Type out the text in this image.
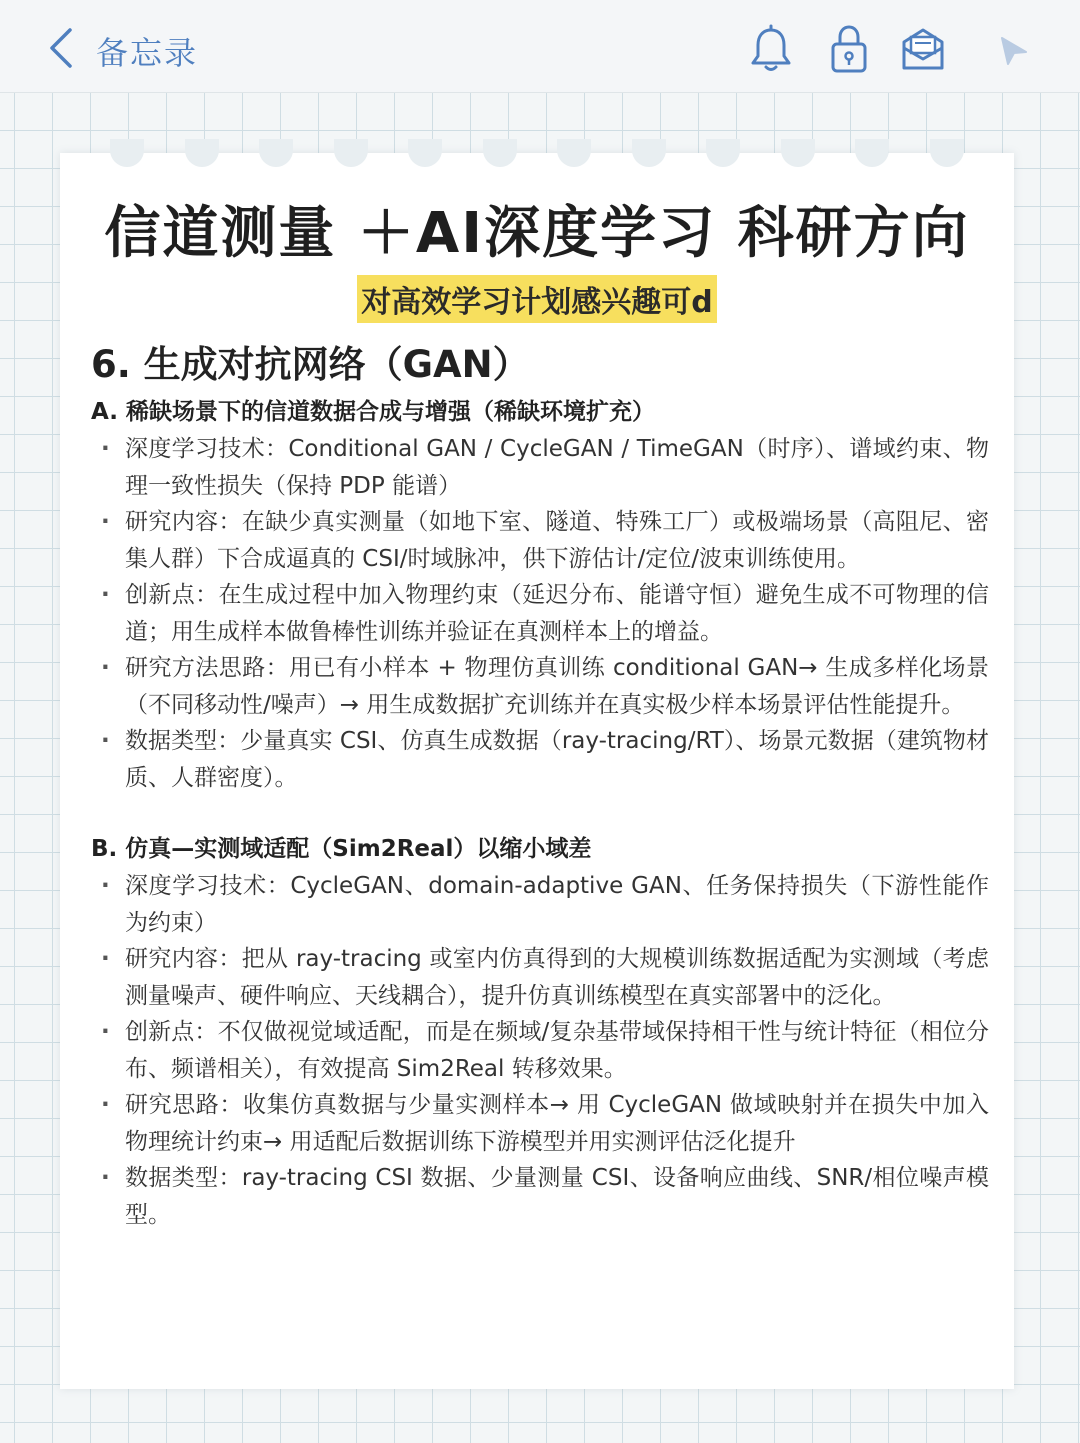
备忘录
信道测量 ＋AI深度学习 科研方向
对高效学习计划感兴趣可d
6. 生成对抗网络（GAN）
A. 稀缺场景下的信道数据合成与增强（稀缺环境扩充）
· 深度学习技术：Conditional GAN / CycleGAN / TimeGAN（时序）、谱域约束、物理一致性损失（保持 PDP 能谱）
· 研究内容：在缺少真实测量（如地下室、隧道、特殊工厂）或极端场景（高阻尼、密集人群）下合成逼真的 CSI/时域脉冲，供下游估计/定位/波束训练使用。
· 创新点：在生成过程中加入物理约束（延迟分布、能谱守恒）避免生成不可物理的信道；用生成样本做鲁棒性训练并验证在真测样本上的增益。
· 研究方法思路：用已有小样本 + 物理仿真训练 conditional GAN→ 生成多样化场景（不同移动性/噪声）→ 用生成数据扩充训练并在真实极少样本场景评估性能提升。
· 数据类型：少量真实 CSI、仿真生成数据（ray-tracing/RT）、场景元数据（建筑物材质、人群密度）。
B. 仿真—实测域适配（Sim2Real）以缩小域差
· 深度学习技术：CycleGAN、domain-adaptive GAN、任务保持损失（下游性能作为约束）
· 研究内容：把从 ray-tracing 或室内仿真得到的大规模训练数据适配为实测域（考虑测量噪声、硬件响应、天线耦合），提升仿真训练模型在真实部署中的泛化。
· 创新点：不仅做视觉域适配，而是在频域/复杂基带域保持相干性与统计特征（相位分布、频谱相关），有效提高 Sim2Real 转移效果。
· 研究思路：收集仿真数据与少量实测样本→ 用 CycleGAN 做域映射并在损失中加入物理统计约束→ 用适配后数据训练下游模型并用实测评估泛化提升
· 数据类型：ray-tracing CSI 数据、少量测量 CSI、设备响应曲线、SNR/相位噪声模型。
